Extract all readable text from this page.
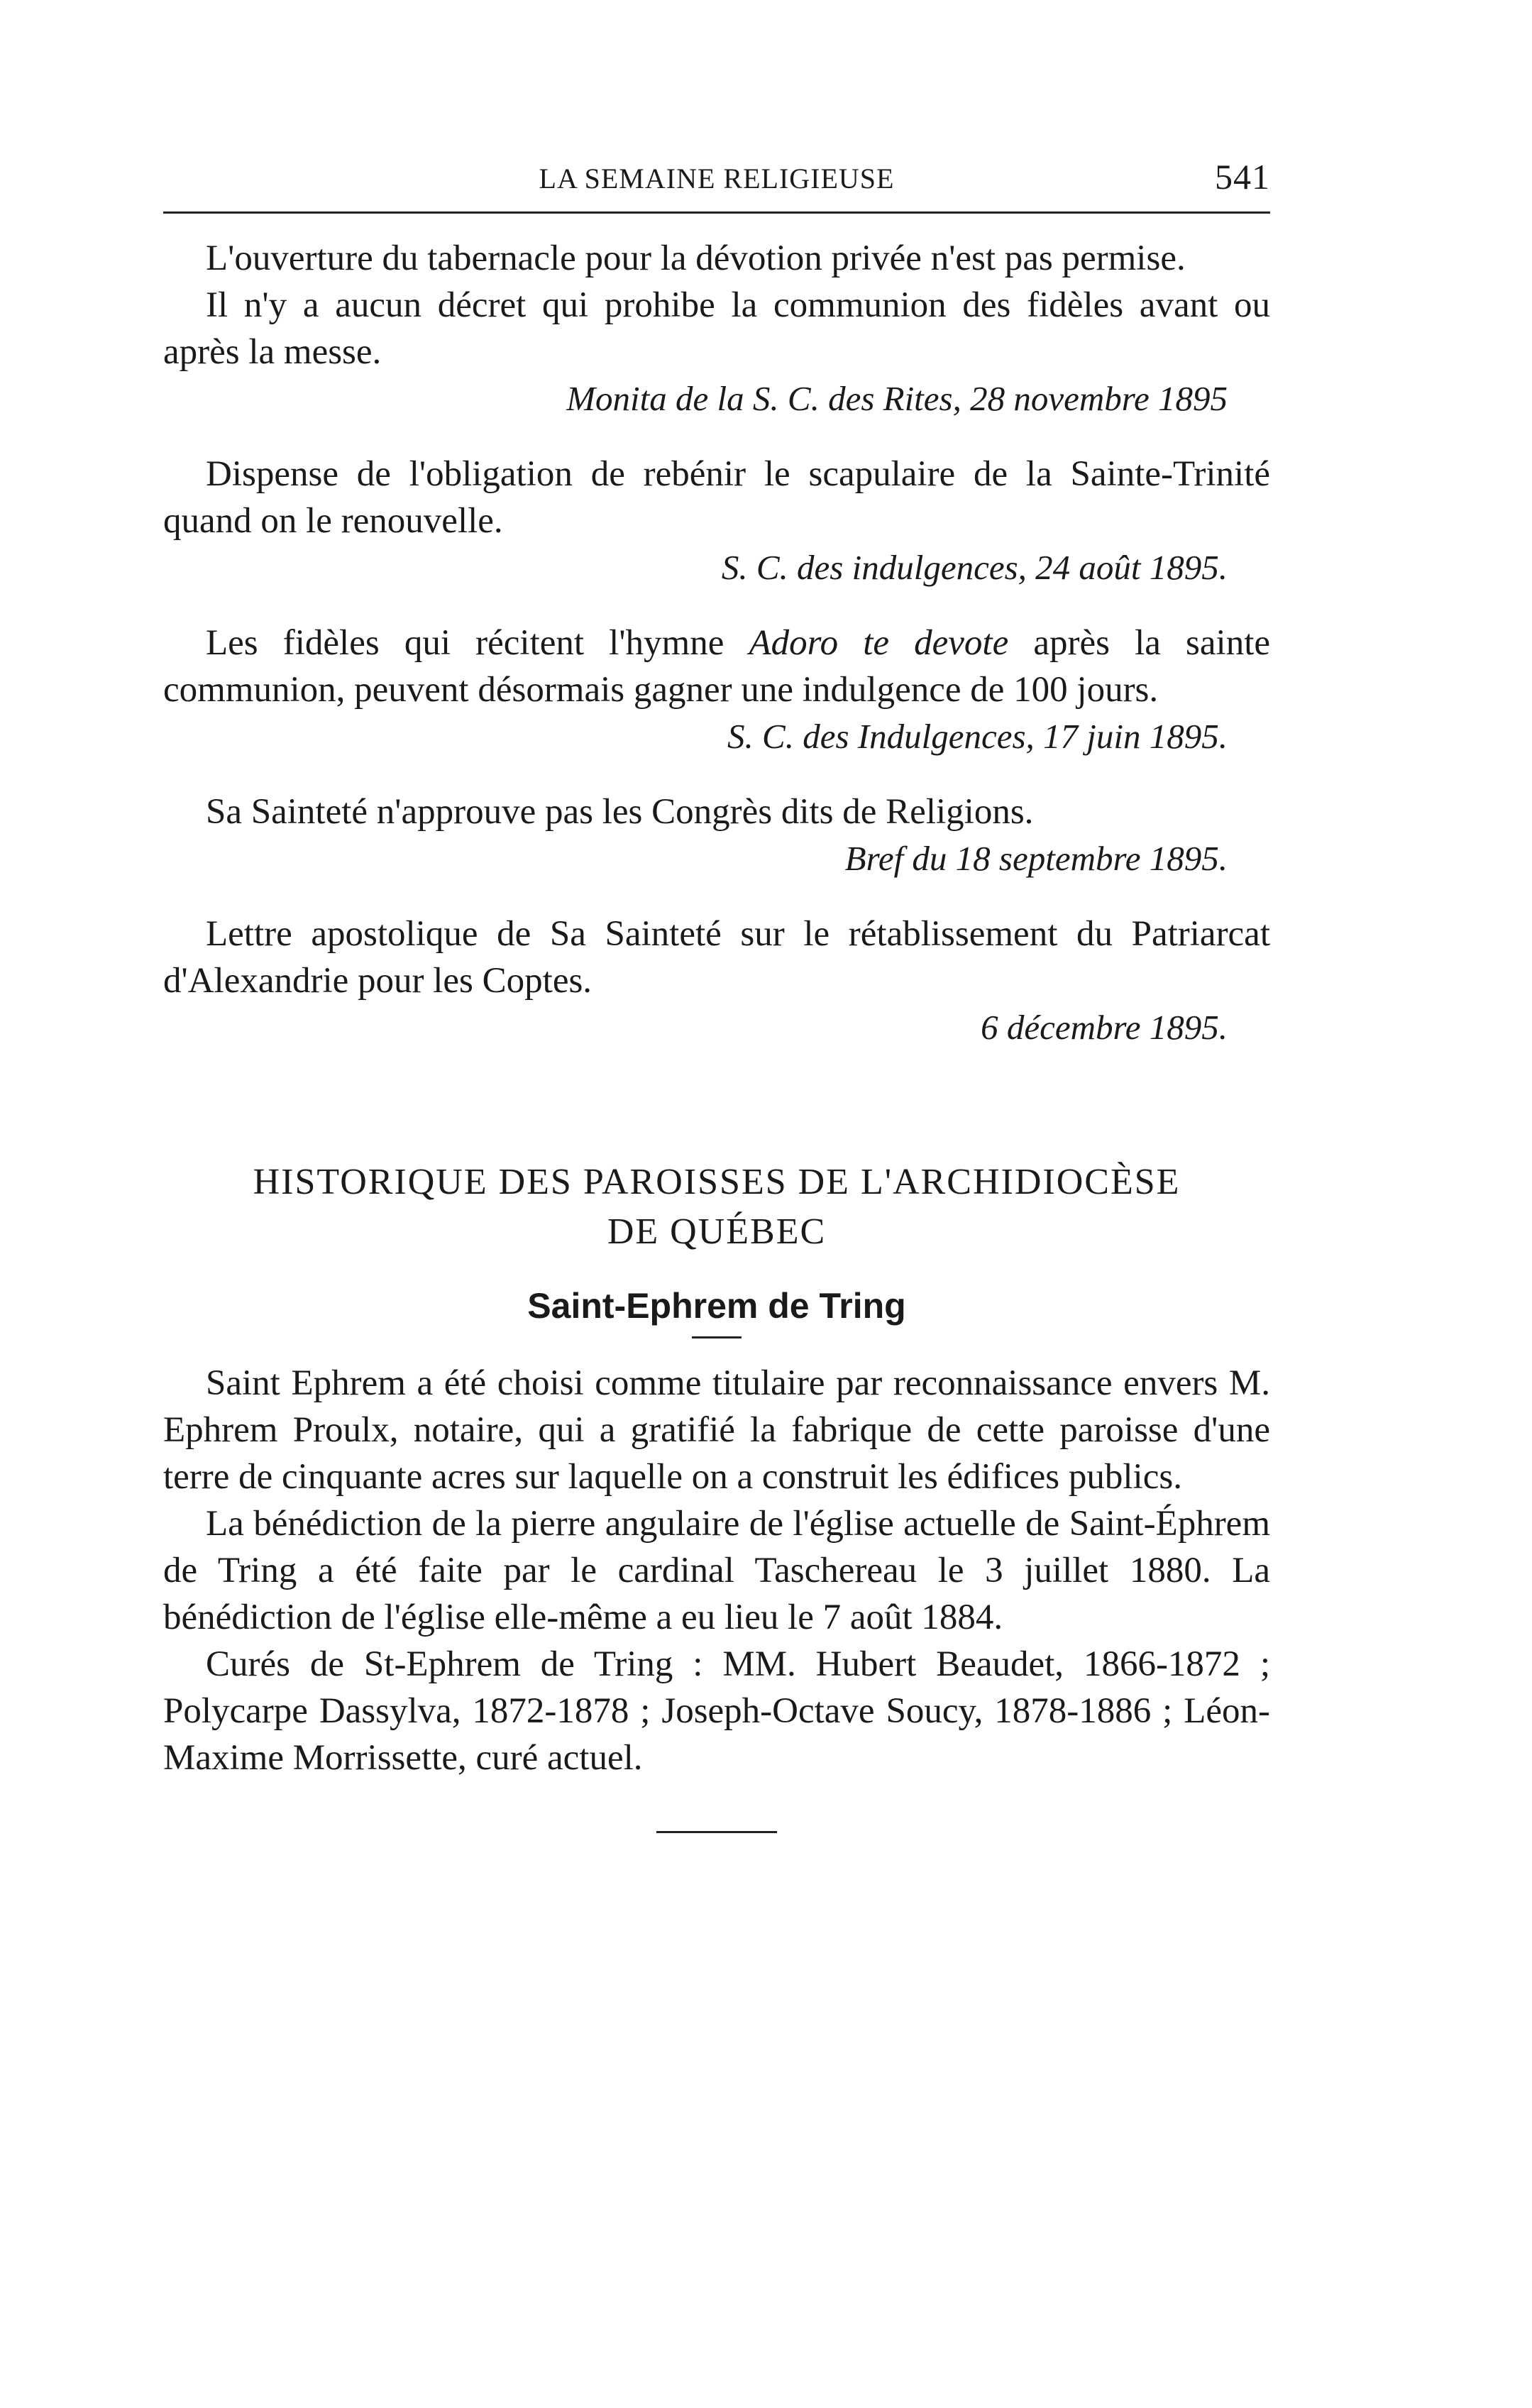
LA SEMAINE RELIGIEUSE	541

L'ouverture du tabernacle pour la dévotion privée n'est pas permise.

Il n'y a aucun décret qui prohibe la communion des fidèles avant ou après la messe.

Monita de la S. C. des Rites, 28 novembre 1895

Dispense de l'obligation de rebénir le scapulaire de la Sainte-Trinité quand on le renouvelle.

S. C. des indulgences, 24 août 1895.

Les fidèles qui récitent l'hymne Adoro te devote après la sainte communion, peuvent désormais gagner une indulgence de 100 jours.

S. C. des Indulgences, 17 juin 1895.

Sa Sainteté n'approuve pas les Congrès dits de Religions.

Bref du 18 septembre 1895.

Lettre apostolique de Sa Sainteté sur le rétablissement du Patriarcat d'Alexandrie pour les Coptes.

6 décembre 1895.

HISTORIQUE DES PAROISSES DE L'ARCHIDIOCÈSE
DE QUÉBEC
Saint-Ephrem de Tring

Saint Ephrem a été choisi comme titulaire par reconnaissance envers M. Ephrem Proulx, notaire, qui a gratifié la fabrique de cette paroisse d'une terre de cinquante acres sur laquelle on a construit les édifices publics.

La bénédiction de la pierre angulaire de l'église actuelle de Saint-Éphrem de Tring a été faite par le cardinal Taschereau le 3 juillet 1880. La bénédiction de l'église elle-même a eu lieu le 7 août 1884.

Curés de St-Ephrem de Tring : MM. Hubert Beaudet, 1866-1872 ; Polycarpe Dassylva, 1872-1878 ; Joseph-Octave Soucy, 1878-1886 ; Léon-Maxime Morrissette, curé actuel.
